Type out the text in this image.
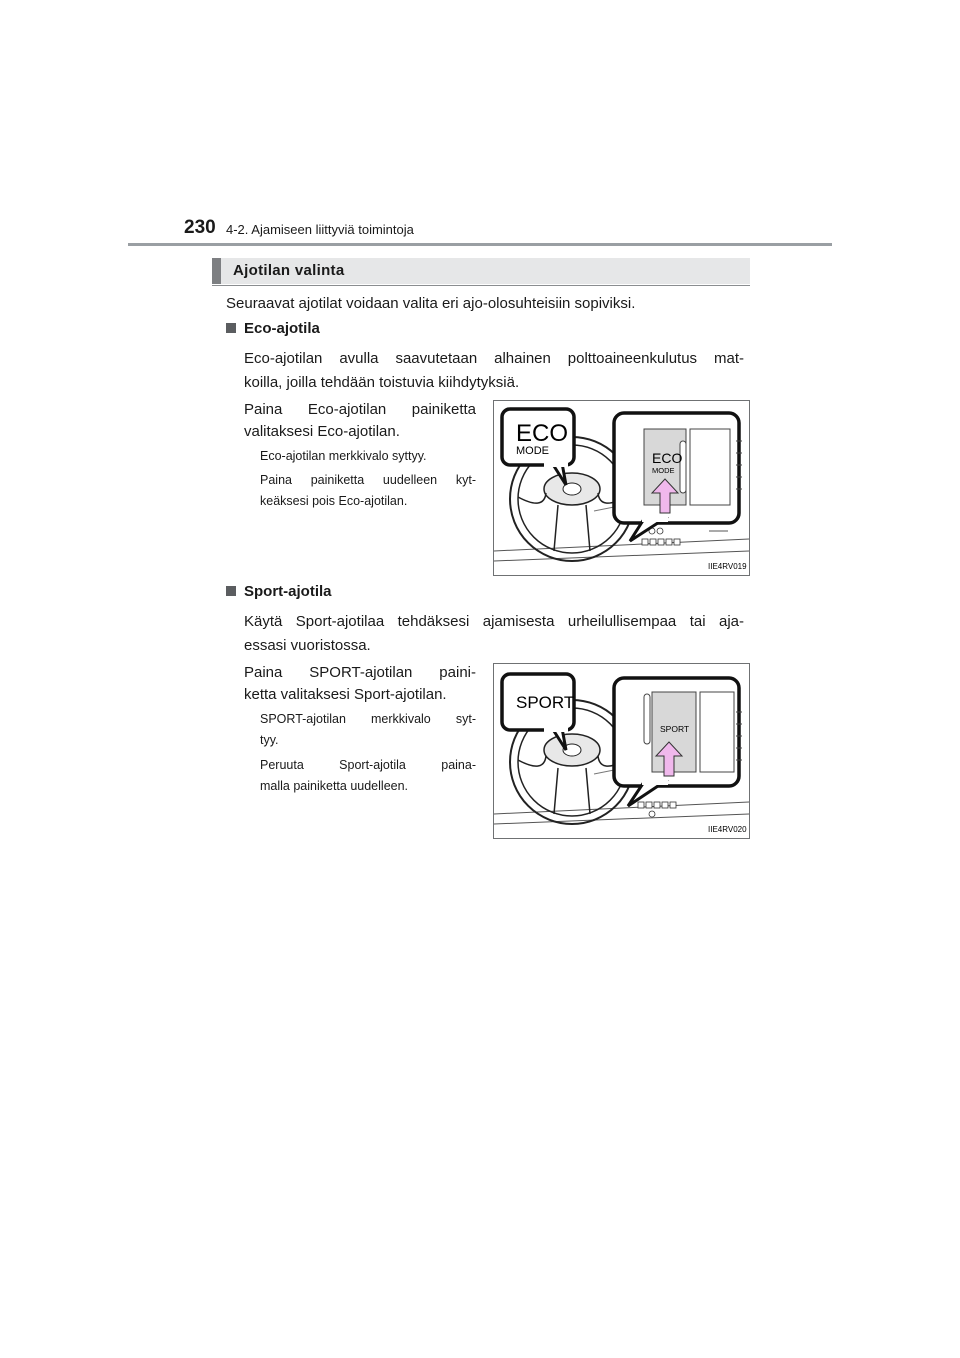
230 4-2. Ajamiseen liittyviä toimintoja
Ajotilan valinta
Seuraavat ajotilat voidaan valita eri ajo-olosuhteisiin sopiviksi.
Eco-ajotila
Eco-ajotilan avulla saavutetaan alhainen polttoaineenkulutus mat-
koilla, joilla tehdään toistuvia kiihdytyksiä.
Paina Eco-ajotilan painiketta
valitaksesi Eco-ajotilan.
Eco-ajotilan merkkivalo syttyy.
Paina painiketta uudelleen kyt-
keäksesi pois Eco-ajotilan.
ECO
MODE	ECO
MODE
IIE4RV019
Sport-ajotila
Käytä Sport-ajotilaa tehdäksesi ajamisesta urheilullisempaa tai aja-
essasi vuoristossa.
Paina SPORT-ajotilan paini-
ketta valitaksesi Sport-ajotilan.
SPORT-ajotilan merkkivalo syt-
tyy.
Peruuta Sport-ajotila paina-
malla painiketta uudelleen.
SPORT
SPORT
IIE4RV020
